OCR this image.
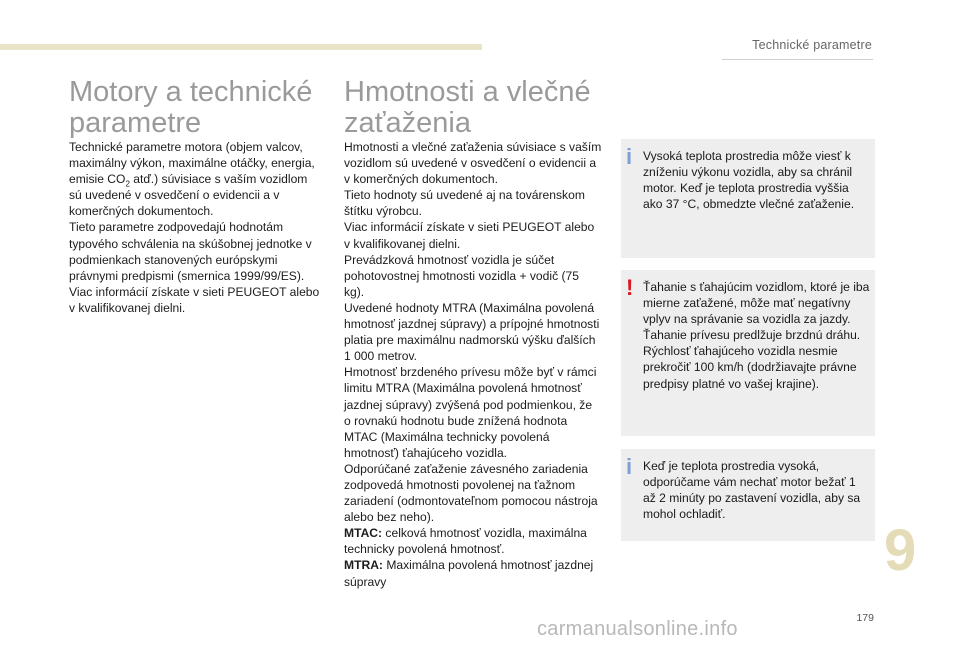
Technické parametre
Motory a technické
parametre

Technické parametre motora (objem valcov, maximálny výkon, maximálne otáčky, energia, emisie $CO_2$ atď.) súvisiace s vaším vozidlom sú uvedené v osvedčení o evidencii a v komerčných dokumentoch.

Tieto parametre zodpovedajú hodnotám typového schválenia na skúšobnej jednotke v podmienkach stanovených európskymi právnymi predpismi (smernica 1999/99/ES).

Viac informácií získate v sieti PEUGEOT alebo v kvalifikovanej dielni.

Hmotnosti a vlečné
zaťaženia

Hmotnosti a vlečné zaťaženia súvisiace s vaším vozidlom sú uvedené v osvedčení o evidencii a v komerčných dokumentoch.

Tieto hodnoty sú uvedené aj na továrenskom štítku výrobcu.

Viac informácií získate v sieti PEUGEOT alebo v kvalifikovanej dielni.

Prevádzková hmotnosť vozidla je súčet pohotovostnej hmotnosti vozidla + vodič (75 kg).

Uvedené hodnoty MTRA (Maximálna povolená hmotnosť jazdnej súpravy) a prípojné hmotnosti platia pre maximálnu nadmorskú výšku ďalších 1 000 metrov.

Hmotnosť brzdeného prívesu môže byť v rámci limitu MTRA (Maximálna povolená hmotnosť jazdnej súpravy) zvýšená pod podmienkou, že o rovnakú hodnotu bude znížená hodnota MTAC (Maximálna technicky povolená hmotnosť) ťahajúceho vozidla.

Odporúčané zaťaženie závesného zariadenia zodpovedá hmotnosti povolenej na ťažnom zariadení (odmontovateľnom pomocou nástroja alebo bez neho).

MTAC: celková hmotnosť vozidla, maximálna technicky povolená hmotnosť.

MTRA: Maximálna povolená hmotnosť jazdnej súpravy

i Vysoká teplota prostredia môže viesť k zníženiu výkonu vozidla, aby sa chránil motor. Keď je teplota prostredia vyššia ako 37 °C, obmedzte vlečné zaťaženie.
! Ťahanie s ťahajúcim vozidlom, ktoré je iba mierne zaťažené, môže mať negatívny vplyv na správanie sa vozidla za jazdy. Ťahanie prívesu predlžuje brzdnú dráhu. Rýchlosť ťahajúceho vozidla nesmie prekročiť 100 km/h (dodržiavajte právne predpisy platné vo vašej krajine).
i Keď je teplota prostredia vysoká, odporúčame vám nechať motor bežať 1 až 2 minúty po zastavení vozidla, aby sa mohol ochladiť.
9
179
carmanualsonline.info
